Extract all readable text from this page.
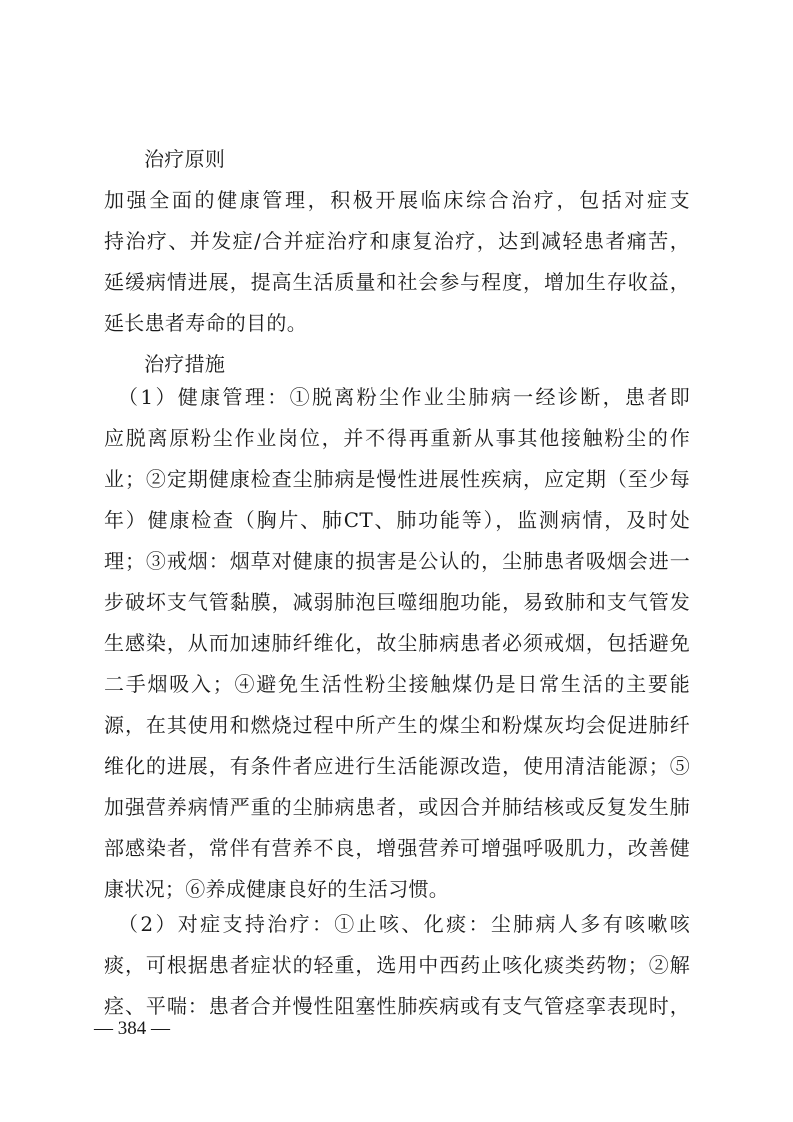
治疗原则
加强全面的健康管理，积极开展临床综合治疗，包括对症支
持治疗、并发症/合并症治疗和康复治疗，达到减轻患者痛苦，
延缓病情进展，提高生活质量和社会参与程度，增加生存收益，
延长患者寿命的目的。
治疗措施
（1）健康管理：①脱离粉尘作业尘肺病一经诊断，患者即
应脱离原粉尘作业岗位，并不得再重新从事其他接触粉尘的作
业；②定期健康检查尘肺病是慢性进展性疾病，应定期（至少每
年）健康检查（胸片、肺CT、肺功能等），监测病情，及时处
理；③戒烟：烟草对健康的损害是公认的，尘肺患者吸烟会进一
步破坏支气管黏膜，减弱肺泡巨噬细胞功能，易致肺和支气管发
生感染，从而加速肺纤维化，故尘肺病患者必须戒烟，包括避免
二手烟吸入；④避免生活性粉尘接触煤仍是日常生活的主要能
源，在其使用和燃烧过程中所产生的煤尘和粉煤灰均会促进肺纤
维化的进展，有条件者应进行生活能源改造，使用清洁能源；⑤
加强营养病情严重的尘肺病患者，或因合并肺结核或反复发生肺
部感染者，常伴有营养不良，增强营养可增强呼吸肌力，改善健
康状况；⑥养成健康良好的生活习惯。
（2）对症支持治疗：①止咳、化痰：尘肺病人多有咳嗽咳
痰，可根据患者症状的轻重，选用中西药止咳化痰类药物；②解
痉、平喘：患者合并慢性阻塞性肺疾病或有支气管痉挛表现时，
— 384 —
